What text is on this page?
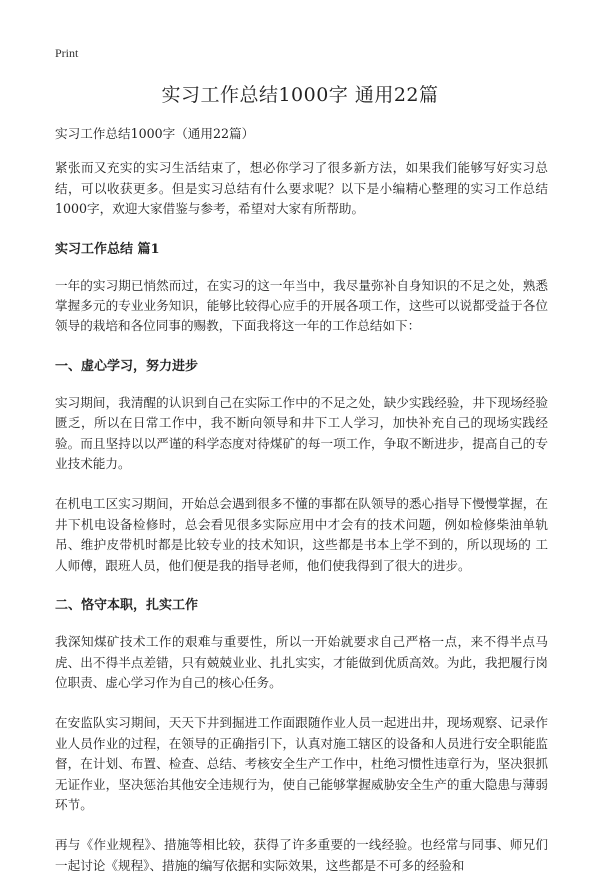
Print
实习工作总结1000字 通用22篇

实习工作总结1000字（通用22篇）

紧张而又充实的实习生活结束了，想必你学习了很多新方法，如果我们能够写好实习总结，可以收获更多。但是实习总结有什么要求呢？以下是小编精心整理的实习工作总结1000字，欢迎大家借鉴与参考，希望对大家有所帮助。

实习工作总结 篇1

一年的实习期已悄然而过，在实习的这一年当中，我尽量弥补自身知识的不足之处，熟悉掌握多元的专业业务知识，能够比较得心应手的开展各项工作，这些可以说都受益于各位领导的栽培和各位同事的赐教，下面我将这一年的工作总结如下：

一、虚心学习，努力进步

实习期间，我清醒的认识到自己在实际工作中的不足之处，缺少实践经验，井下现场经验匮乏，所以在日常工作中，我不断向领导和井下工人学习，加快补充自己的现场实践经验。而且坚持以以严谨的科学态度对待煤矿的每一项工作，争取不断进步，提高自己的专业技术能力。

在机电工区实习期间，开始总会遇到很多不懂的事都在队领导的悉心指导下慢慢掌握，在井下机电设备检修时，总会看见很多实际应用中才会有的技术问题，例如检修柴油单轨吊、维护皮带机时都是比较专业的技术知识，这些都是书本上学不到的，所以现场的 工人师傅，跟班人员，他们便是我的指导老师，他们使我得到了很大的进步。

二、恪守本职，扎实工作

我深知煤矿技术工作的艰难与重要性，所以一开始就要求自己严格一点，来不得半点马虎、出不得半点差错，只有兢兢业业、扎扎实实，才能做到优质高效。为此，我把履行岗位职责、虚心学习作为自己的核心任务。

在安监队实习期间，天天下井到掘进工作面跟随作业人员一起进出井，现场观察、记录作业人员作业的过程，在领导的正确指引下，认真对施工辖区的设备和人员进行安全职能监督，在计划、布置、检查、总结、考核安全生产工作中，杜绝习惯性违章行为，坚决狠抓无证作业，坚决惩治其他安全违规行为，使自己能够掌握威胁安全生产的重大隐患与薄弱环节。

再与《作业规程》、措施等相比较，获得了许多重要的一线经验。也经常与同事、师兄们一起讨论《规程》、措施的编写依据和实际效果，这些都是不可多的经验和
